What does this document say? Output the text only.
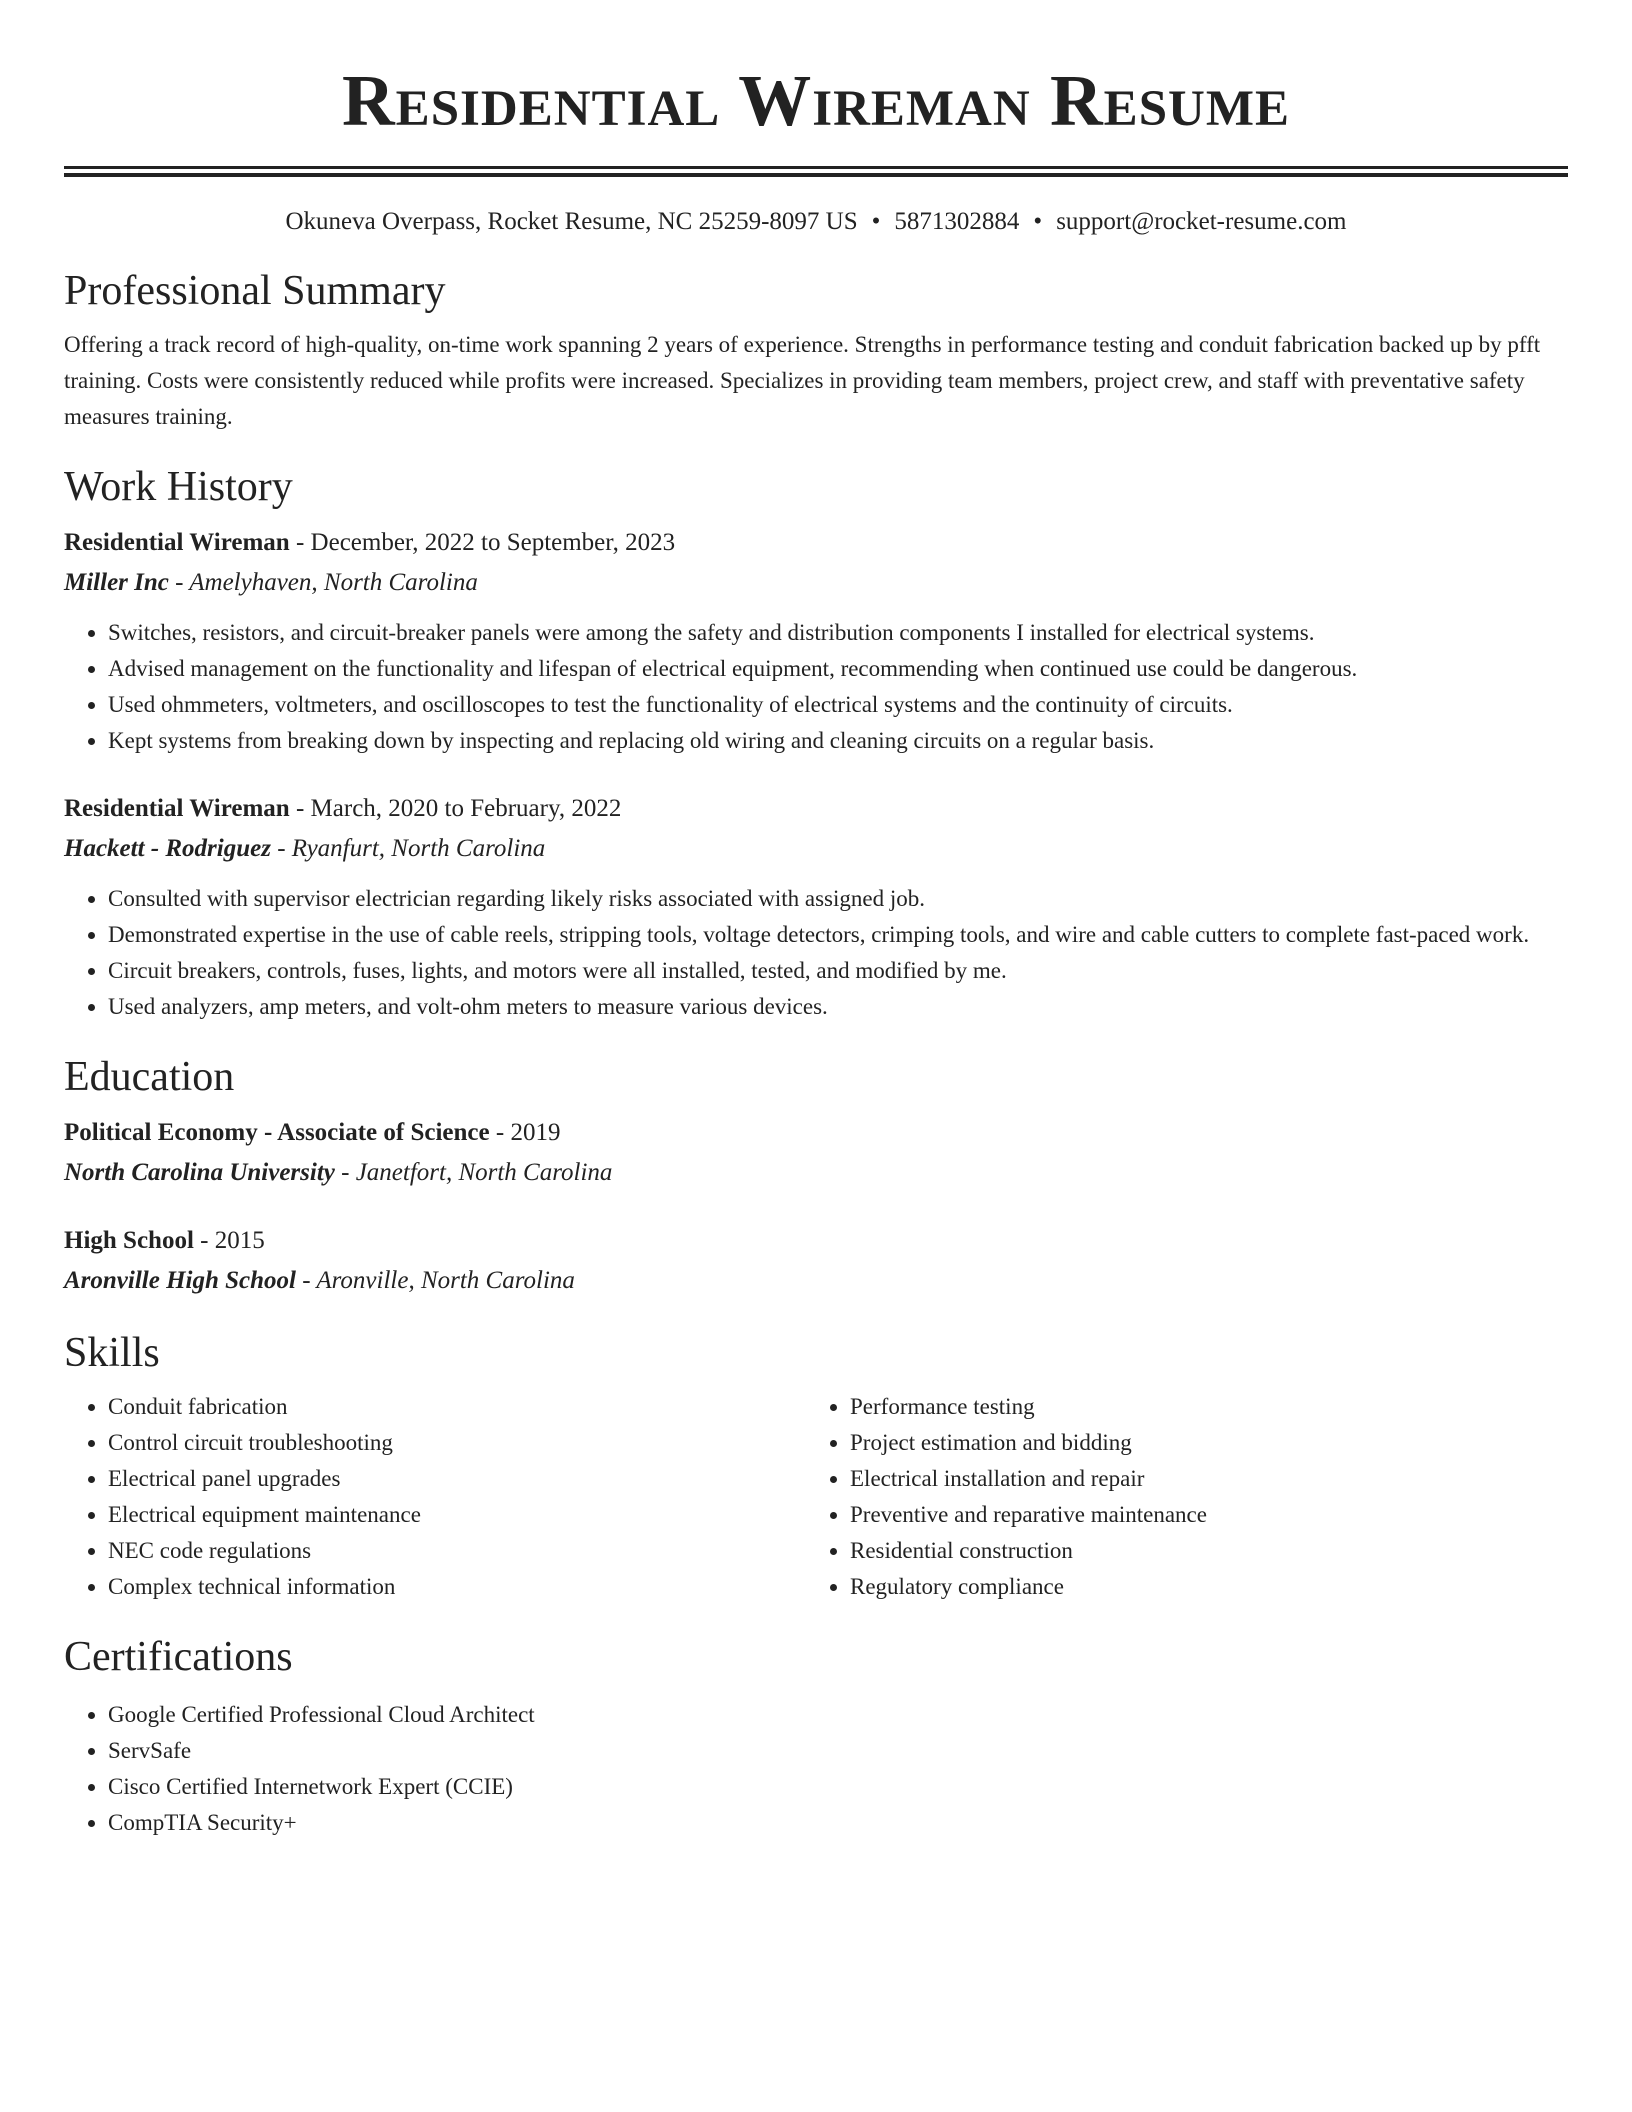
Residential Wireman Resume
Okuneva Overpass, Rocket Resume, NC 25259-8097 US • 5871302884 • support@rocket-resume.com
Professional Summary

Offering a track record of high-quality, on-time work spanning 2 years of experience. Strengths in performance testing and conduit fabrication backed up by pfft training. Costs were consistently reduced while profits were increased. Specializes in providing team members, project crew, and staff with preventative safety measures training.

Work History
Residential Wireman - December, 2022 to September, 2023
Miller Inc - Amelyhaven, North Carolina
• Switches, resistors, and circuit-breaker panels were among the safety and distribution components I installed for electrical systems.
• Advised management on the functionality and lifespan of electrical equipment, recommending when continued use could be dangerous.
• Used ohmmeters, voltmeters, and oscilloscopes to test the functionality of electrical systems and the continuity of circuits.
• Kept systems from breaking down by inspecting and replacing old wiring and cleaning circuits on a regular basis.
Residential Wireman - March, 2020 to February, 2022
Hackett - Rodriguez - Ryanfurt, North Carolina
• Consulted with supervisor electrician regarding likely risks associated with assigned job.
• Demonstrated expertise in the use of cable reels, stripping tools, voltage detectors, crimping tools, and wire and cable cutters to complete fast-paced work.
• Circuit breakers, controls, fuses, lights, and motors were all installed, tested, and modified by me.
• Used analyzers, amp meters, and volt-ohm meters to measure various devices.
Education
Political Economy - Associate of Science - 2019
North Carolina University - Janetfort, North Carolina
High School - 2015
Aronville High School - Aronville, North Carolina
Skills
• Conduit fabrication
• Control circuit troubleshooting
• Electrical panel upgrades
• Electrical equipment maintenance
• NEC code regulations
• Complex technical information
• Performance testing
• Project estimation and bidding
• Electrical installation and repair
• Preventive and reparative maintenance
• Residential construction
• Regulatory compliance
Certifications
• Google Certified Professional Cloud Architect
• ServSafe
• Cisco Certified Internetwork Expert (CCIE)
• CompTIA Security+
